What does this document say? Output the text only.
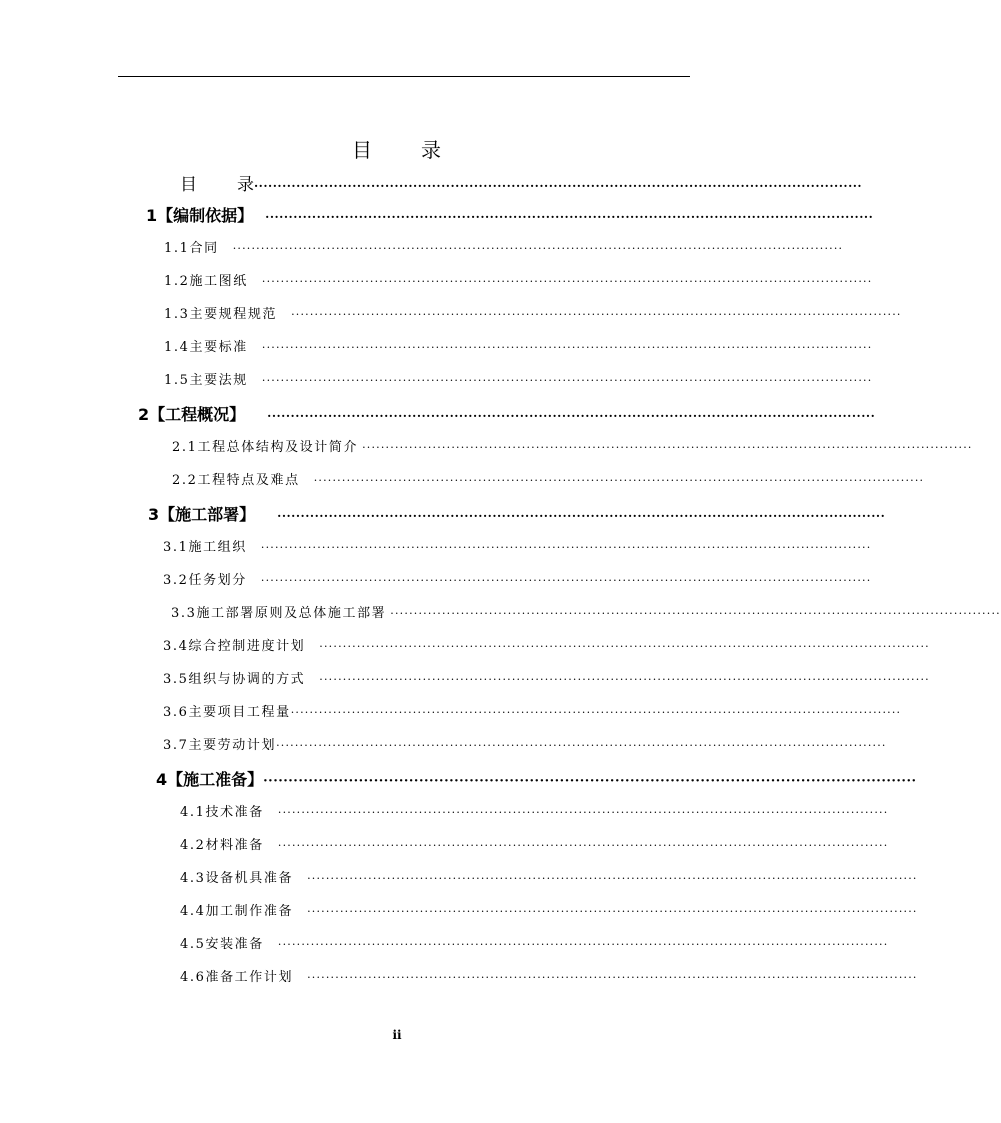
目 录
目 录 ··································································································································
1【编制依据】 ··································································································································
1.1合同 ··································································································································
1.2施工图纸 ··································································································································
1.3主要规程规范 ··································································································································
1.4主要标准 ··································································································································
1.5主要法规 ··································································································································
2【工程概况】 ··································································································································
2.1工程总体结构及设计简介 ··································································································································
2.2工程特点及难点 ··································································································································
3【施工部署】 ··································································································································
3.1施工组织 ··································································································································
3.2任务划分 ··································································································································
3.3施工部署原则及总体施工部署 ··································································································································
3.4综合控制进度计划 ··································································································································
3.5组织与协调的方式 ··································································································································
3.6主要项目工程量 ··································································································································
3.7主要劳动计划 ··································································································································
4【施工准备】 ··································································································································
4.1技术准备 ··································································································································
4.2材料准备 ··································································································································
4.3设备机具准备 ··································································································································
4.4加工制作准备 ··································································································································
4.5安装准备 ··································································································································
4.6准备工作计划 ··································································································································
ii
